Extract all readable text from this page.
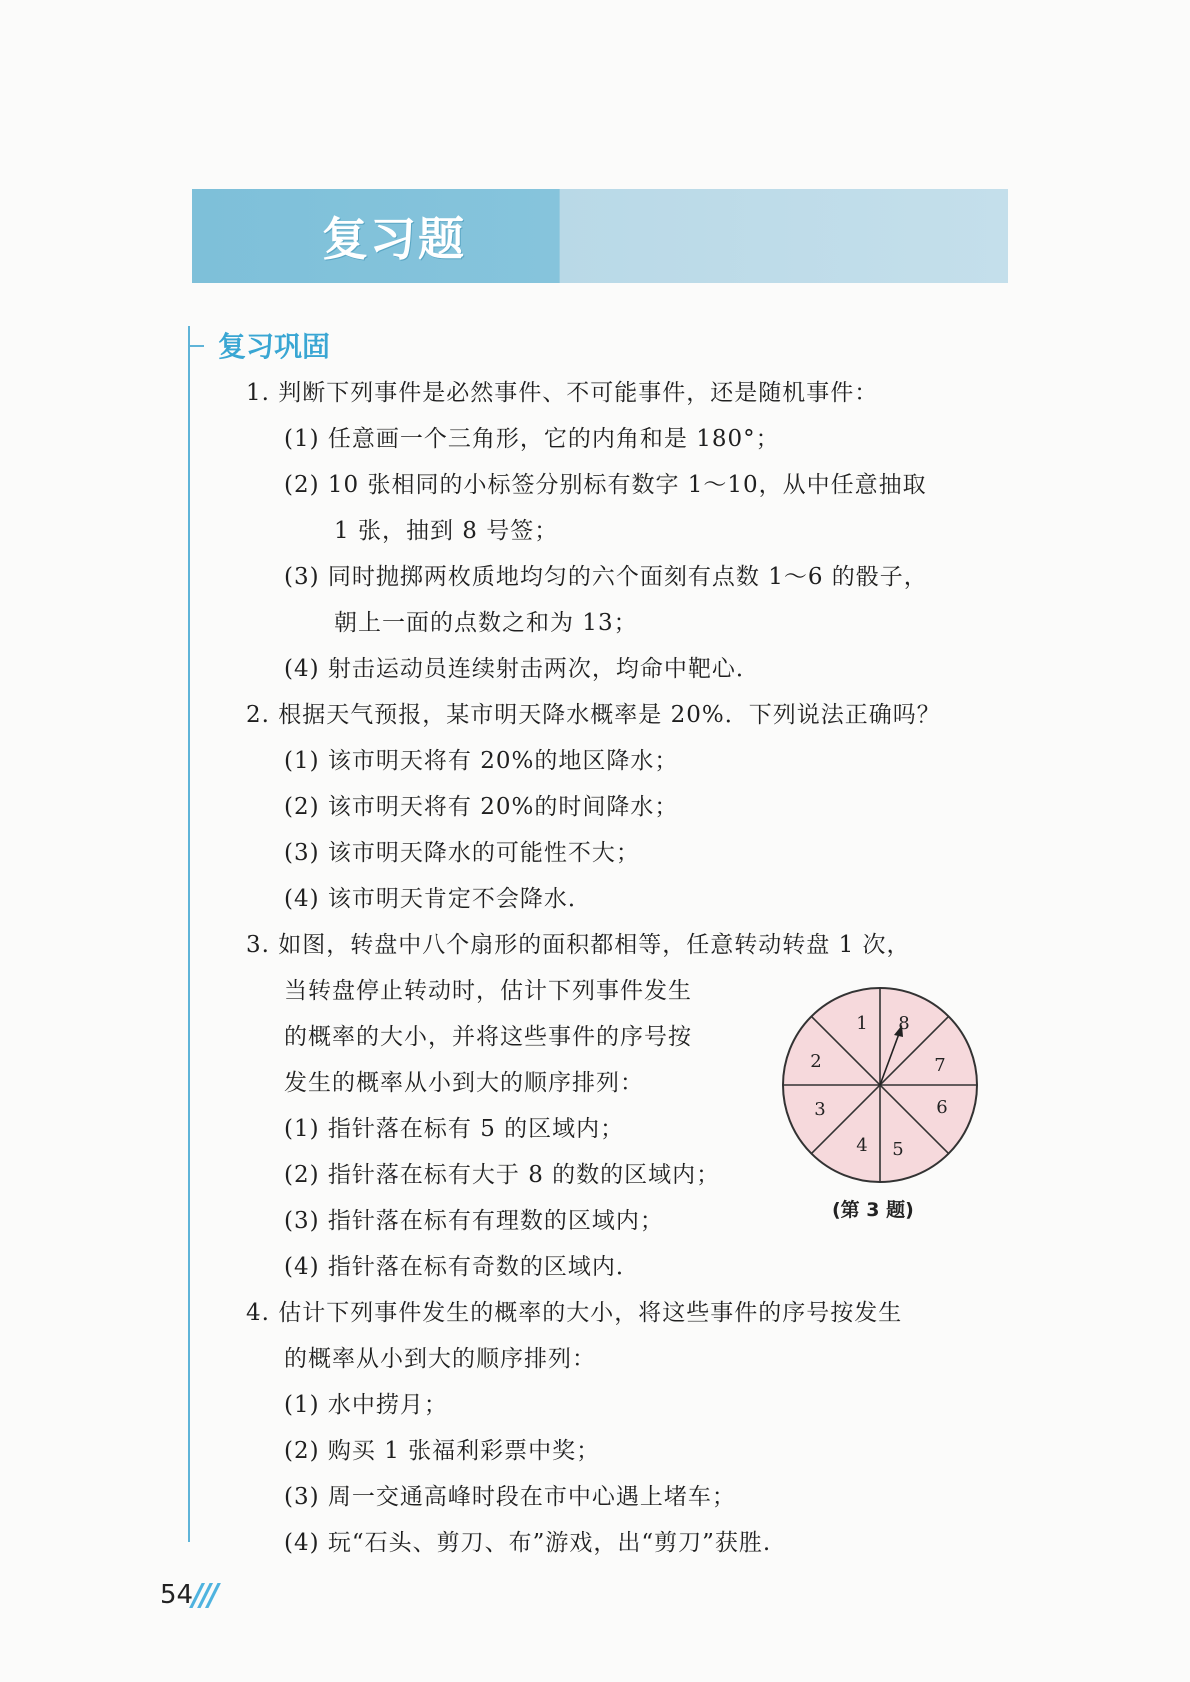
复习题
复习巩固
1. 判断下列事件是必然事件、不可能事件，还是随机事件：
(1) 任意画一个三角形，它的内角和是 180°；
(2) 10 张相同的小标签分别标有数字 1～10，从中任意抽取
1 张，抽到 8 号签；
(3) 同时抛掷两枚质地均匀的六个面刻有点数 1～6 的骰子，
朝上一面的点数之和为 13；
(4) 射击运动员连续射击两次，均命中靶心．
2. 根据天气预报，某市明天降水概率是 20%．下列说法正确吗？
(1) 该市明天将有 20%的地区降水；
(2) 该市明天将有 20%的时间降水；
(3) 该市明天降水的可能性不大；
(4) 该市明天肯定不会降水．
3. 如图，转盘中八个扇形的面积都相等，任意转动转盘 1 次，
当转盘停止转动时，估计下列事件发生
的概率的大小，并将这些事件的序号按
发生的概率从小到大的顺序排列：
(1) 指针落在标有 5 的区域内；
(2) 指针落在标有大于 8 的数的区域内；
(3) 指针落在标有有理数的区域内；
(4) 指针落在标有奇数的区域内．
1
2
3
4 5
6
7
8
(第 3 题)
4. 估计下列事件发生的概率的大小，将这些事件的序号按发生
的概率从小到大的顺序排列：
(1) 水中捞月；
(2) 购买 1 张福利彩票中奖；
(3) 周一交通高峰时段在市中心遇上堵车；
(4) 玩“石头、剪刀、布”游戏，出“剪刀”获胜.
54
///
